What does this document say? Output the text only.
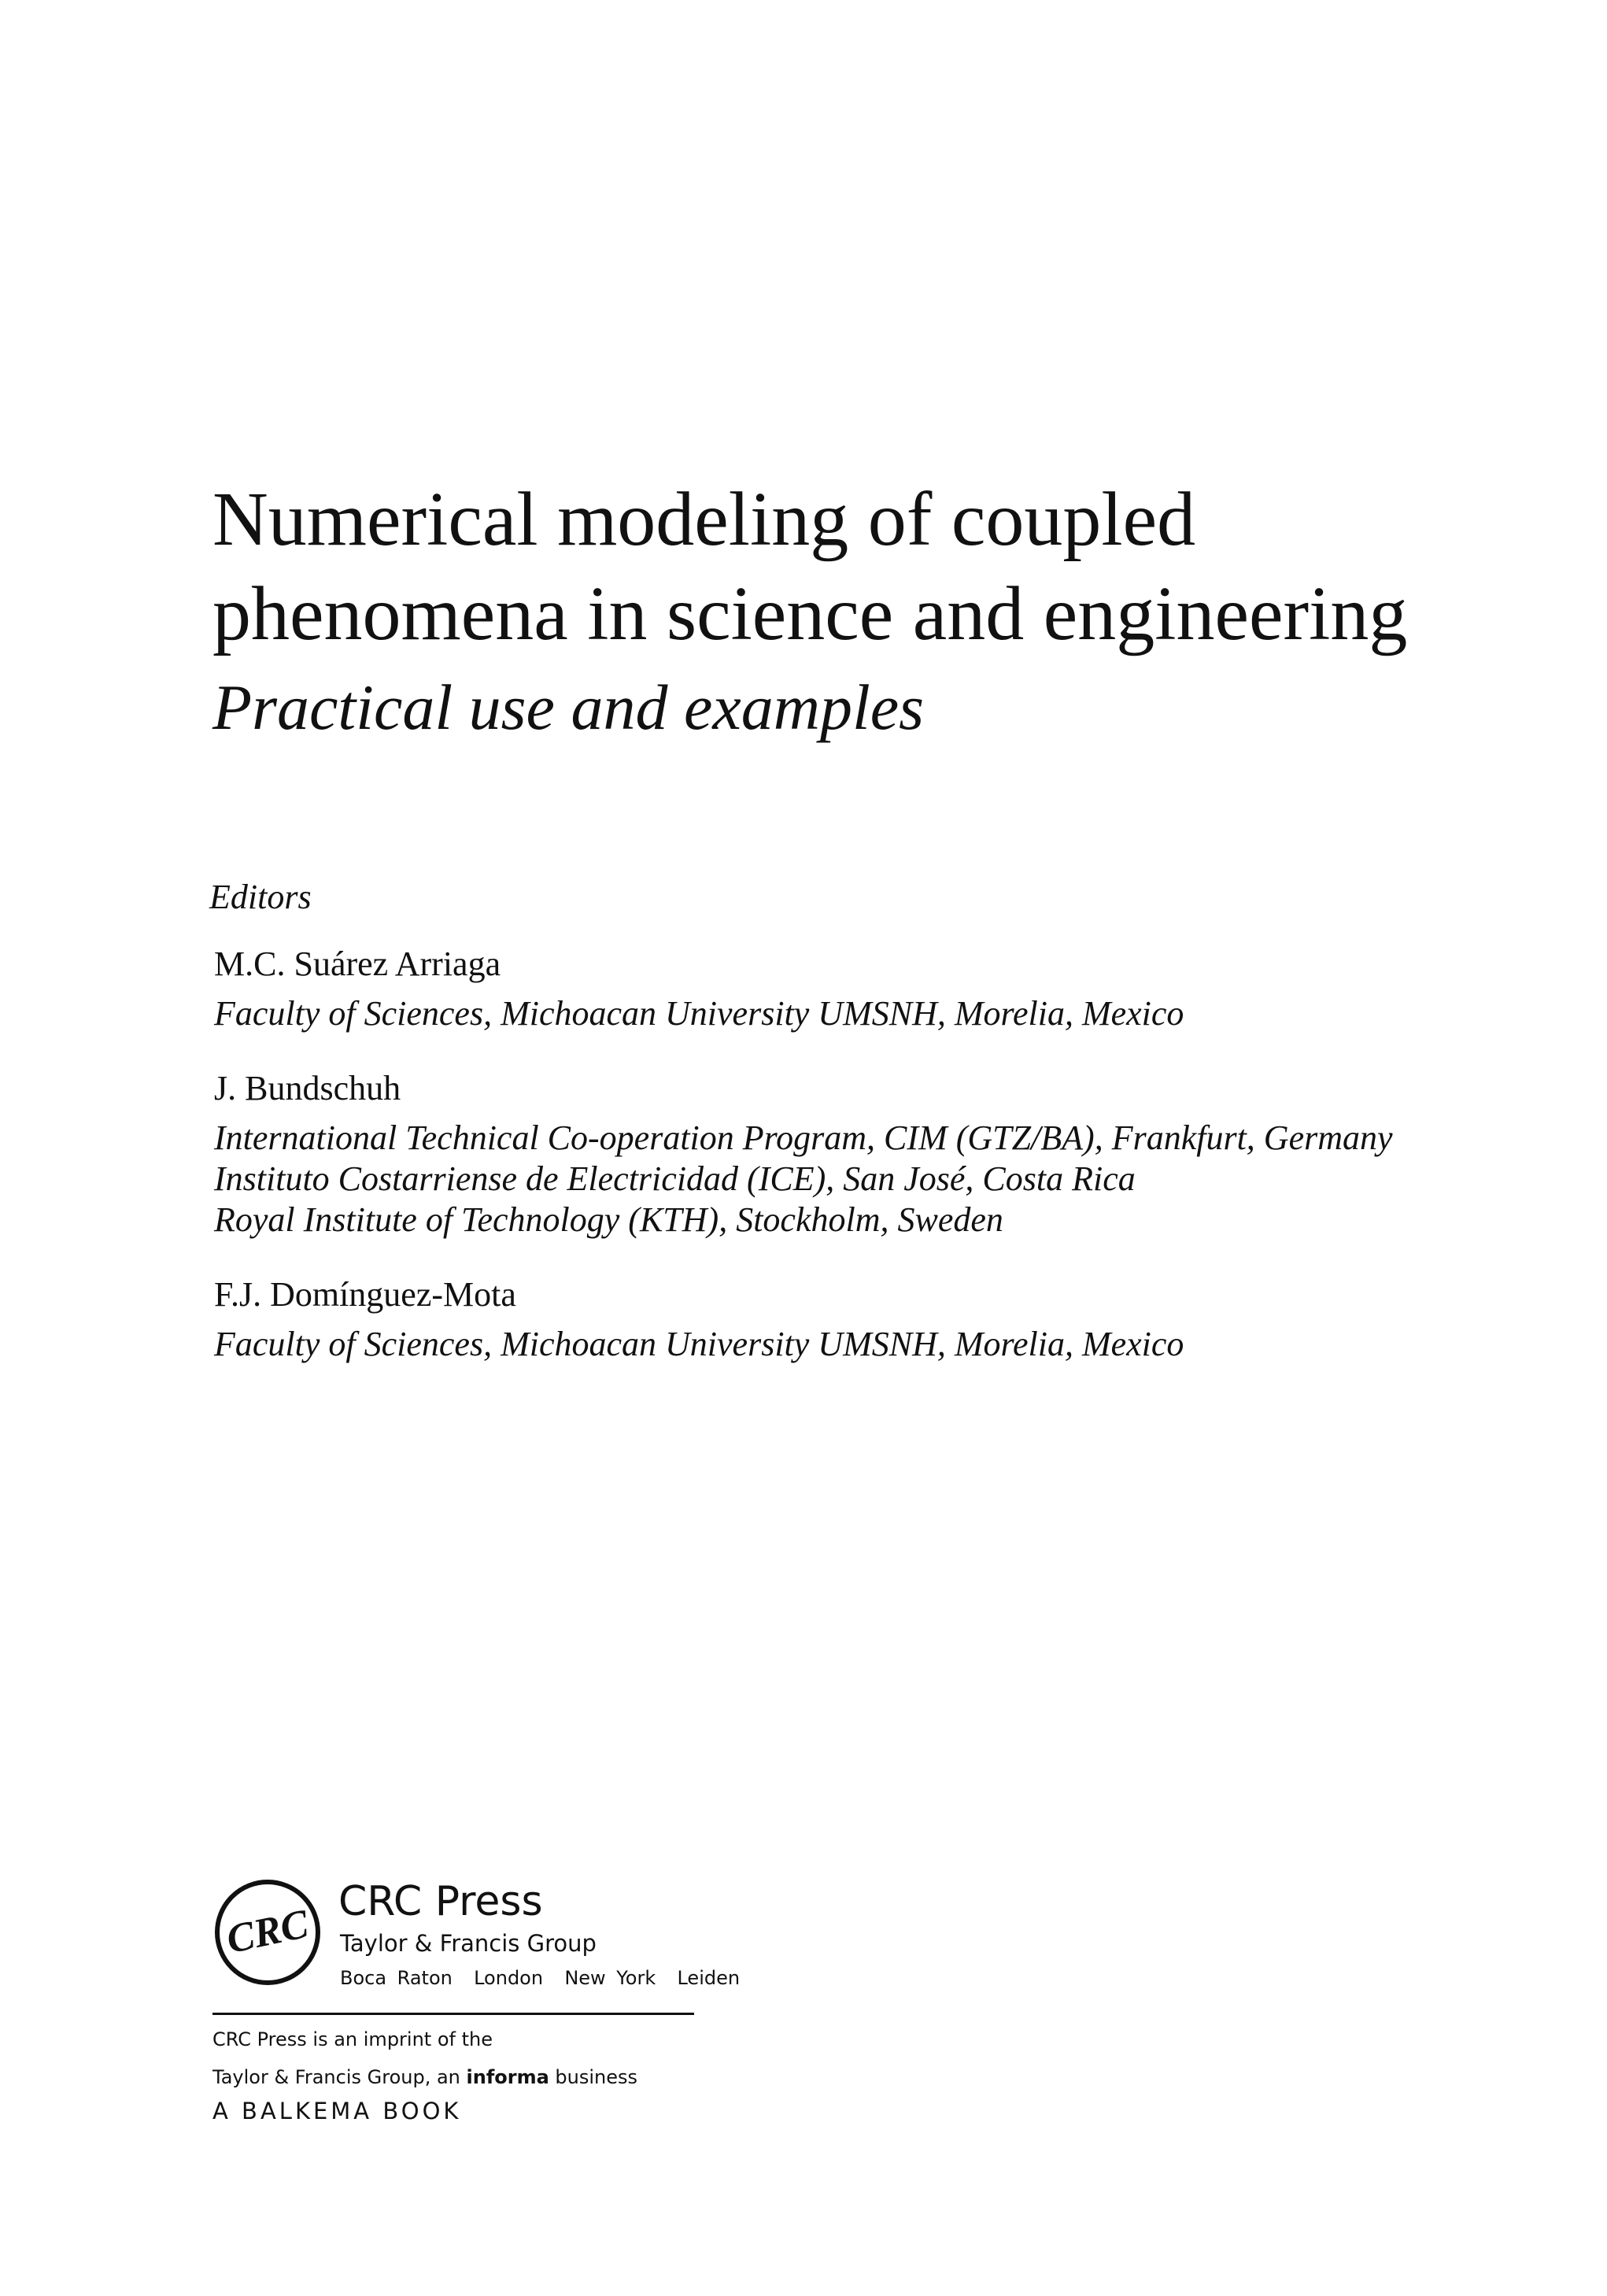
Numerical modeling of coupled
phenomena in science and engineering
Practical use and examples
Editors
M.C. Suárez Arriaga
Faculty of Sciences, Michoacan University UMSNH, Morelia, Mexico
J. Bundschuh
International Technical Co-operation Program, CIM (GTZ/BA), Frankfurt, Germany
Instituto Costarriense de Electricidad (ICE), San José, Costa Rica
Royal Institute of Technology (KTH), Stockholm, Sweden
F.J. Domínguez-Mota
Faculty of Sciences, Michoacan University UMSNH, Morelia, Mexico
CRC CRC Press
Taylor & Francis Group
Boca Raton  London  New York  Leiden
CRC Press is an imprint of the
Taylor & Francis Group, an informa business
A BALKEMA BOOK
